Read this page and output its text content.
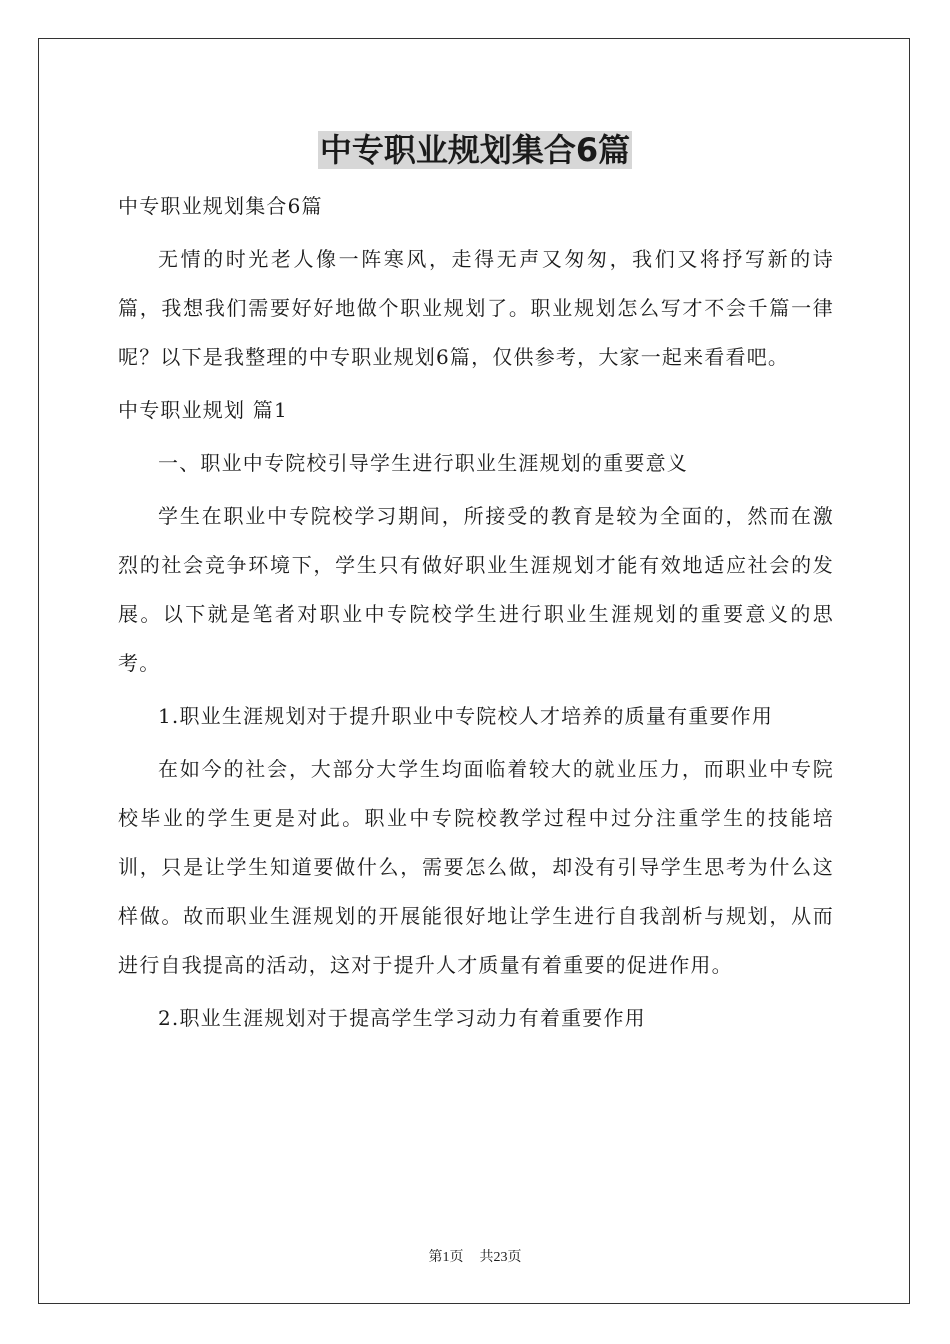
中专职业规划集合6篇

中专职业规划集合6篇

无情的时光老人像一阵寒风，走得无声又匆匆，我们又将抒写新的诗篇，我想我们需要好好地做个职业规划了。职业规划怎么写才不会千篇一律呢？以下是我整理的中专职业规划6篇，仅供参考，大家一起来看看吧。

中专职业规划 篇1

一、职业中专院校引导学生进行职业生涯规划的重要意义

学生在职业中专院校学习期间，所接受的教育是较为全面的，然而在激烈的社会竞争环境下，学生只有做好职业生涯规划才能有效地适应社会的发展。以下就是笔者对职业中专院校学生进行职业生涯规划的重要意义的思考。

1.职业生涯规划对于提升职业中专院校人才培养的质量有重要作用

在如今的社会，大部分大学生均面临着较大的就业压力，而职业中专院校毕业的学生更是对此。职业中专院校教学过程中过分注重学生的技能培训，只是让学生知道要做什么，需要怎么做，却没有引导学生思考为什么这样做。故而职业生涯规划的开展能很好地让学生进行自我剖析与规划，从而进行自我提高的活动，这对于提升人才质量有着重要的促进作用。

2.职业生涯规划对于提高学生学习动力有着重要作用

第1页 共23页
